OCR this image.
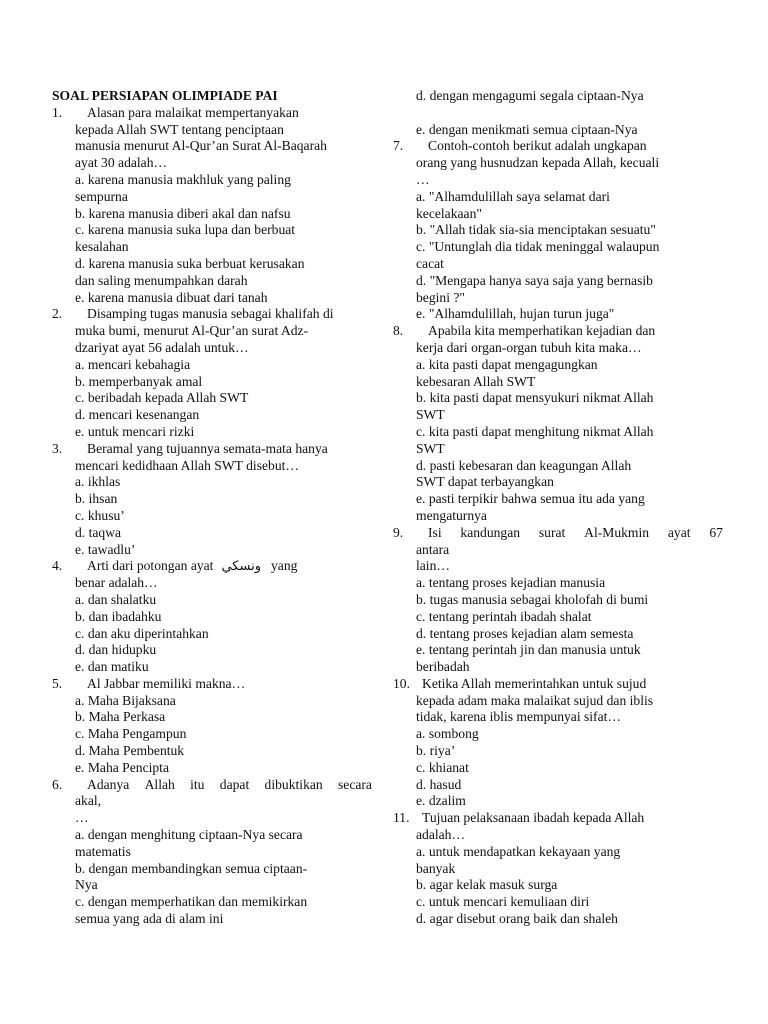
SOAL PERSIAPAN OLIMPIADE PAI
1. Alasan para malaikat mempertanyakan
kepada Allah SWT tentang penciptaan
manusia menurut Al-Qur’an Surat Al-Baqarah
ayat 30 adalah…
a. karena manusia makhluk yang paling
sempurna
b. karena manusia diberi akal dan nafsu
c. karena manusia suka lupa dan berbuat
kesalahan
d. karena manusia suka berbuat kerusakan
dan saling menumpahkan darah
e. karena manusia dibuat dari tanah
2. Disamping tugas manusia sebagai khalifah di
muka bumi, menurut Al-Qur’an surat Adz-
dzariyat ayat 56 adalah untuk…
a. mencari kebahagia
b. memperbanyak amal
c. beribadah kepada Allah SWT
d. mencari kesenangan
e. untuk mencari rizki
3. Beramal yang tujuannya semata-mata hanya
mencari kedidhaan Allah SWT disebut…
a. ikhlas
b. ihsan
c. khusu’
d. taqwa
e. tawadlu’
4. Arti dari potongan ayat ونسكي yang
benar adalah…
a. dan shalatku
b. dan ibadahku
c. dan aku diperintahkan
d. dan hidupku
e. dan matiku
5. Al Jabbar memiliki makna…
a. Maha Bijaksana
b. Maha Perkasa
c. Maha Pengampun
d. Maha Pembentuk
e. Maha Pencipta
6. Adanya Allah itu dapat dibuktikan secara
akal,
…
a. dengan menghitung ciptaan-Nya secara
matematis
b. dengan membandingkan semua ciptaan-
Nya
c. dengan memperhatikan dan memikirkan
semua yang ada di alam ini
d. dengan mengagumi segala ciptaan-Nya
e. dengan menikmati semua ciptaan-Nya
7. Contoh-contoh berikut adalah ungkapan
orang yang husnudzan kepada Allah, kecuali
…
a. "Alhamdulillah saya selamat dari
kecelakaan"
b. "Allah tidak sia-sia menciptakan sesuatu"
c. "Untunglah dia tidak meninggal walaupun
cacat
d. "Mengapa hanya saya saja yang bernasib
begini ?"
e. "Alhamdulillah, hujan turun juga"
8. Apabila kita memperhatikan kejadian dan
kerja dari organ-organ tubuh kita maka…
a. kita pasti dapat mengagungkan
kebesaran Allah SWT
b. kita pasti dapat mensyukuri nikmat Allah
SWT
c. kita pasti dapat menghitung nikmat Allah
SWT
d. pasti kebesaran dan keagungan Allah
SWT dapat terbayangkan
e. pasti terpikir bahwa semua itu ada yang
mengaturnya
9. Isi kandungan surat Al-Mukmin ayat 67
antara
lain…
a. tentang proses kejadian manusia
b. tugas manusia sebagai kholofah di bumi
c. tentang perintah ibadah shalat
d. tentang proses kejadian alam semesta
e. tentang perintah jin dan manusia untuk
beribadah
10. Ketika Allah memerintahkan untuk sujud
kepada adam maka malaikat sujud dan iblis
tidak, karena iblis mempunyai sifat…
a. sombong
b. riya’
c. khianat
d. hasud
e. dzalim
11. Tujuan pelaksanaan ibadah kepada Allah
adalah…
a. untuk mendapatkan kekayaan yang
banyak
b. agar kelak masuk surga
c. untuk mencari kemuliaan diri
d. agar disebut orang baik dan shaleh
